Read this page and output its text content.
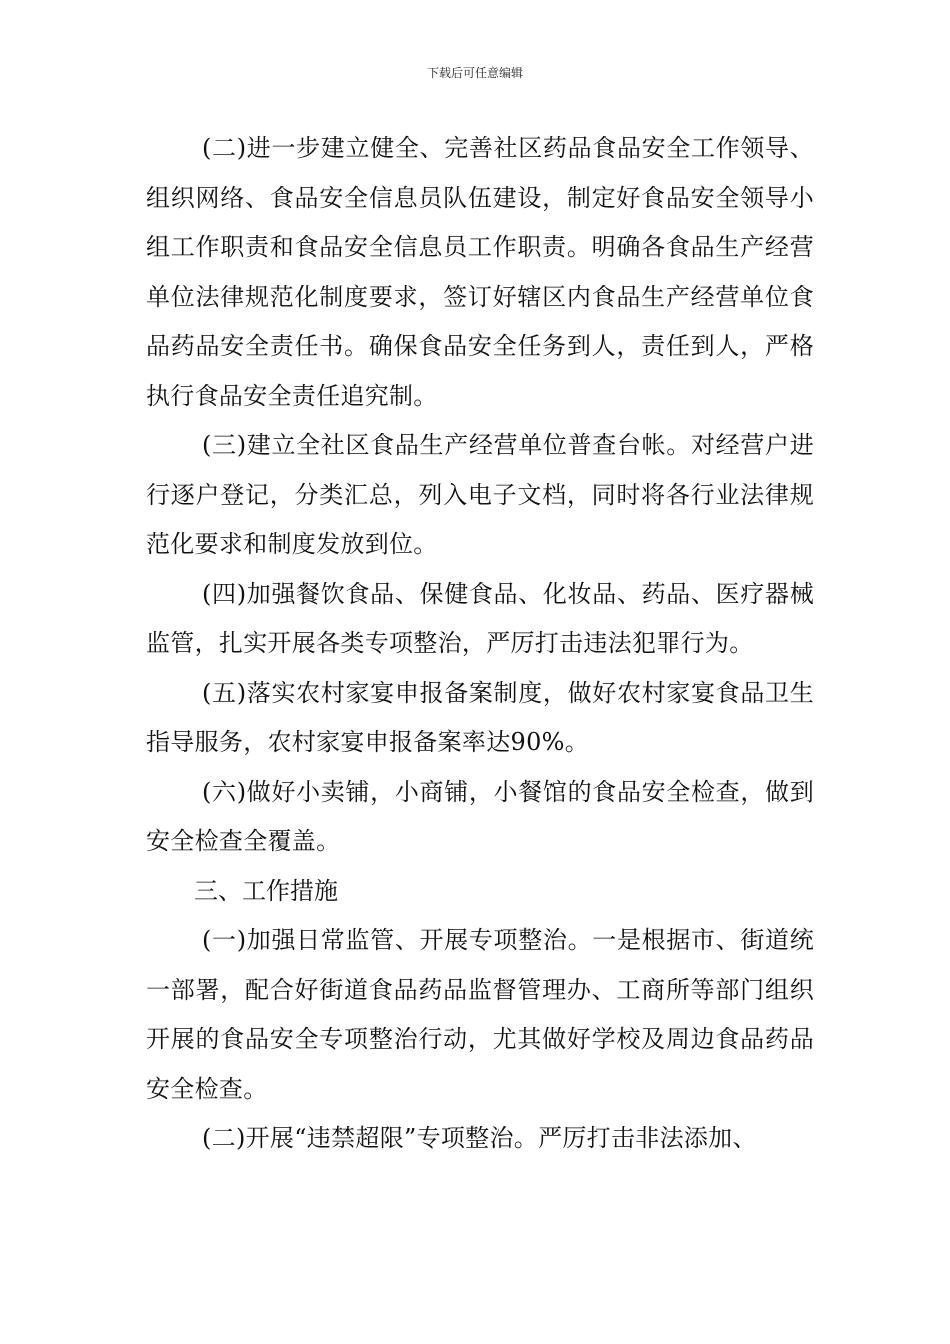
下载后可任意编辑

(二)进一步建立健全、完善社区药品食品安全工作领导、组织网络、食品安全信息员队伍建设，制定好食品安全领导小组工作职责和食品安全信息员工作职责。明确各食品生产经营单位法律规范化制度要求，签订好辖区内食品生产经营单位食品药品安全责任书。确保食品安全任务到人，责任到人，严格执行食品安全责任追究制。

(三)建立全社区食品生产经营单位普查台帐。对经营户进行逐户登记，分类汇总，列入电子文档，同时将各行业法律规范化要求和制度发放到位。

(四)加强餐饮食品、保健食品、化妆品、药品、医疗器械监管，扎实开展各类专项整治，严厉打击违法犯罪行为。

(五)落实农村家宴申报备案制度，做好农村家宴食品卫生指导服务，农村家宴申报备案率达90%。

(六)做好小卖铺，小商铺，小餐馆的食品安全检查，做到安全检查全覆盖。

三、工作措施

(一)加强日常监管、开展专项整治。一是根据市、街道统一部署，配合好街道食品药品监督管理办、工商所等部门组织开展的食品安全专项整治行动，尤其做好学校及周边食品药品安全检查。

(二)开展“违禁超限”专项整治。严厉打击非法添加、
